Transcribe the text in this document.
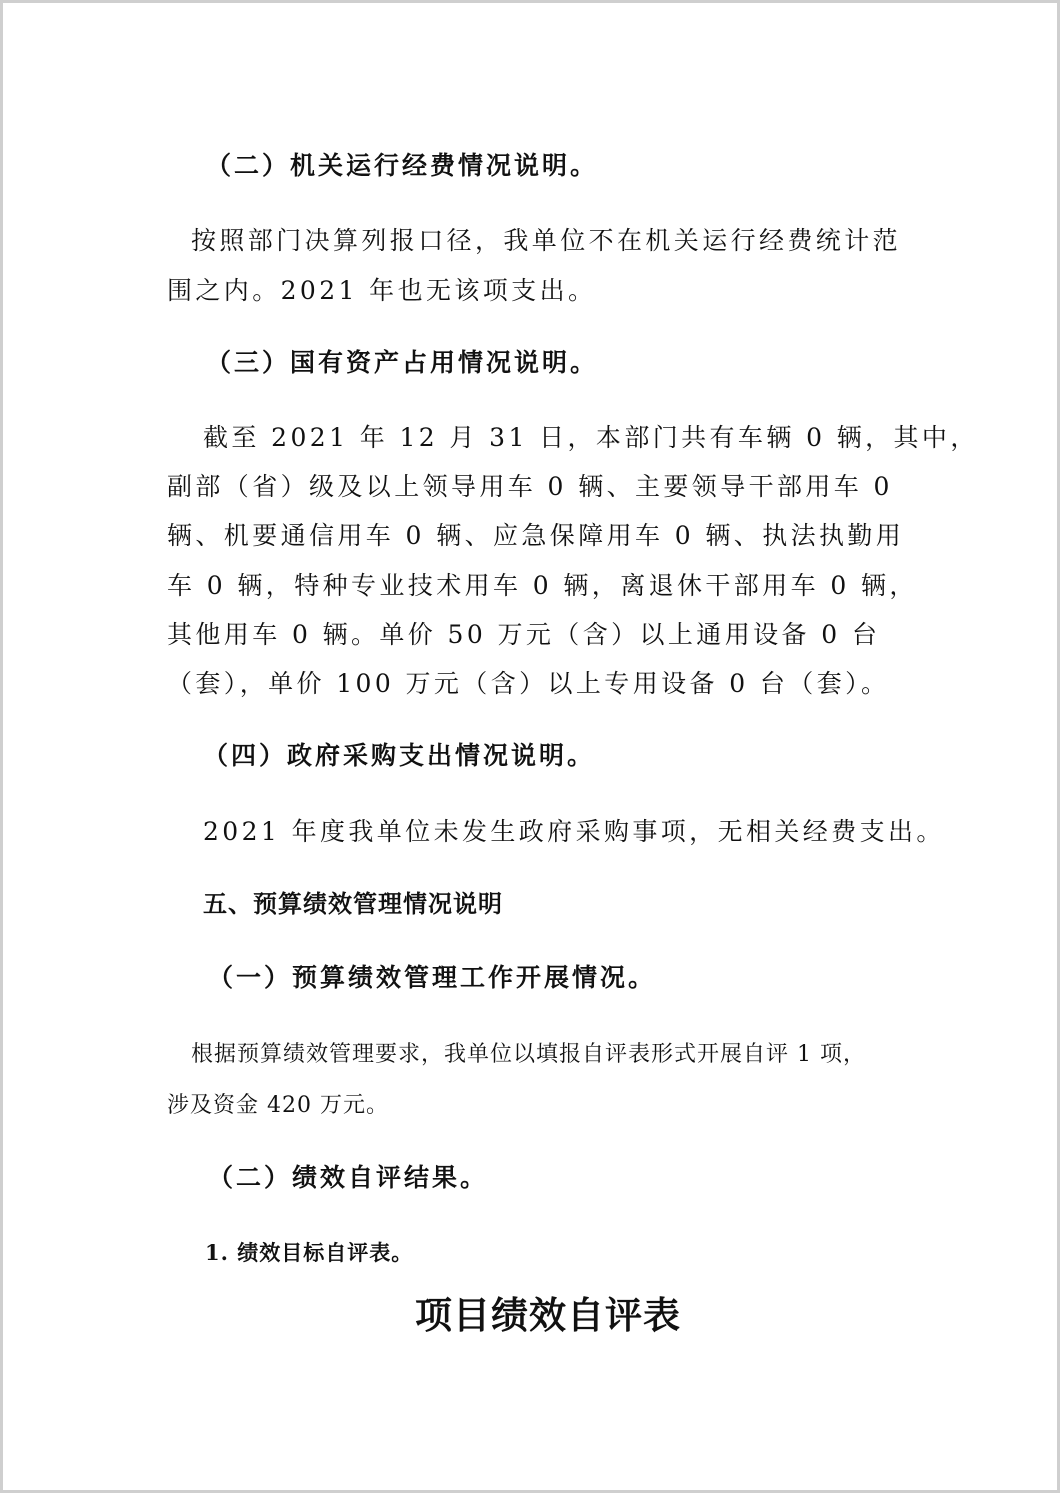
（二）机关运行经费情况说明。
按照部门决算列报口径，我单位不在机关运行经费统计范
围之内。2021 年也无该项支出。
（三）国有资产占用情况说明。
截至 2021 年 12 月 31 日，本部门共有车辆 0 辆，其中，
副部（省）级及以上领导用车 0 辆、主要领导干部用车 0
辆、机要通信用车 0 辆、应急保障用车 0 辆、执法执勤用
车 0 辆，特种专业技术用车 0 辆，离退休干部用车 0 辆，
其他用车 0 辆。单价 50 万元（含）以上通用设备 0 台
（套），单价 100 万元（含）以上专用设备 0 台（套）。
（四）政府采购支出情况说明。
2021 年度我单位未发生政府采购事项，无相关经费支出。
五、预算绩效管理情况说明
（一）预算绩效管理工作开展情况。
根据预算绩效管理要求，我单位以填报自评表形式开展自评 1 项，
涉及资金 420 万元。
（二）绩效自评结果。
1. 绩效目标自评表。
项目绩效自评表
